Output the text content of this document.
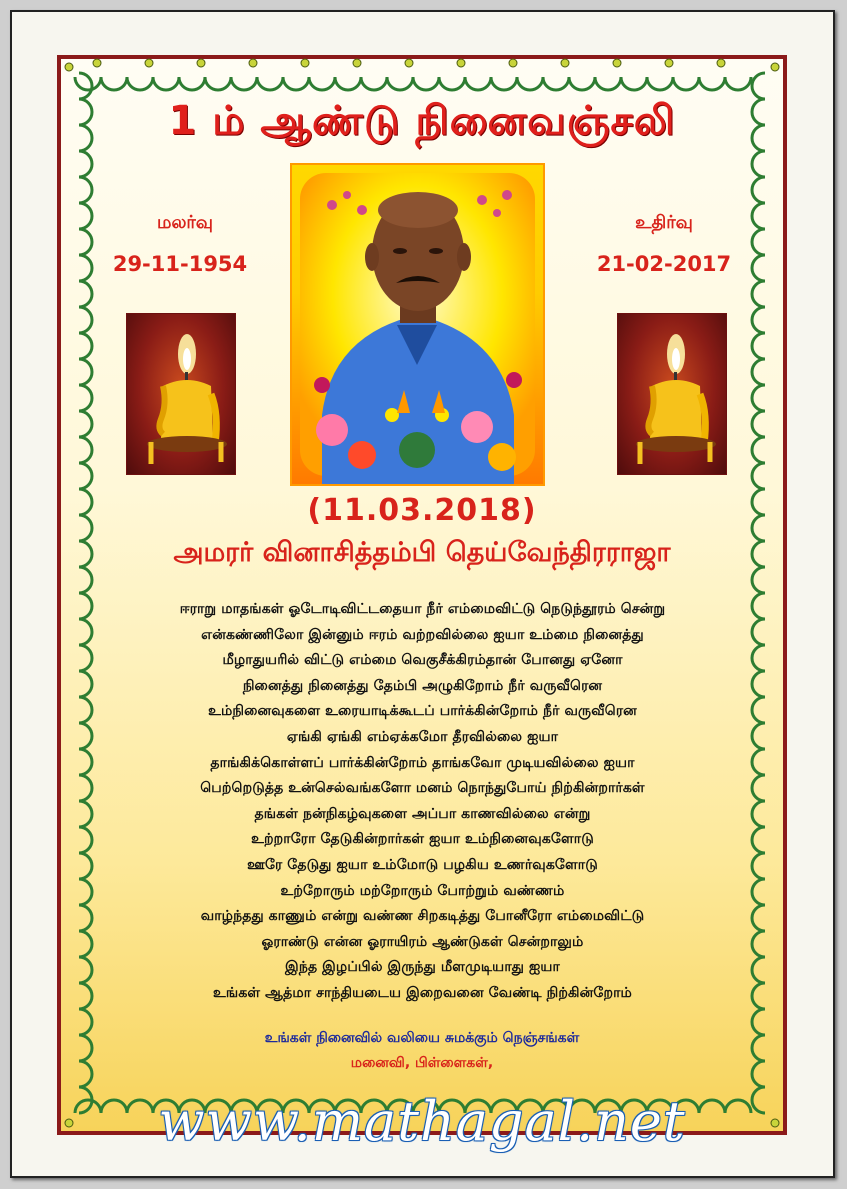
1 ம் ஆண்டு நினைவஞ்சலி
மலர்வு
29-11-1954
உதிர்வு
21-02-2017
(11.03.2018)
அமரர் வினாசித்தம்பி தெய்வேந்திரராஜா
ஈராறு மாதங்கள் ஓடோடிவிட்டதையா நீர் எம்மைவிட்டு நெடுந்தூரம் சென்று
என்கண்ணிலோ இன்னும் ஈரம் வற்றவில்லை ஐயா உம்மை நினைத்து
மீழாதுயரில் விட்டு எம்மை வெகுசீக்கிரம்தான் போனது ஏனோ
நினைத்து நினைத்து தேம்பி அழுகிறோம் நீர் வருவீரென
உம்நினைவுகளை உரையாடிக்கூடப் பார்க்கின்றோம் நீர் வருவீரென
ஏங்கி ஏங்கி எம்ஏக்கமோ தீரவில்லை ஐயா
தாங்கிக்கொள்ளப் பார்க்கின்றோம் தாங்கவோ முடியவில்லை ஐயா
பெற்றெடுத்த உன்செல்வங்களோ மனம் நொந்துபோய் நிற்கின்றார்கள்
தங்கள் நன்நிகழ்வுகளை அப்பா காணவில்லை என்று
உற்றாரோ தேடுகின்றார்கள் ஐயா உம்நினைவுகளோடு
ஊரே தேடுது ஐயா உம்மோடு பழகிய உணர்வுகளோடு
உற்றோரும் மற்றோரும் போற்றும் வண்ணம்
வாழ்ந்தது காணும் என்று வண்ண சிறகடித்து போனீரோ எம்மைவிட்டு
ஓராண்டு என்ன ஓராயிரம் ஆண்டுகள் சென்றாலும்
இந்த இழப்பில் இருந்து மீளமுடியாது ஐயா
உங்கள் ஆத்மா சாந்தியடைய இறைவனை வேண்டி நிற்கின்றோம்
உங்கள் நினைவில் வலியை சுமக்கும் நெஞ்சங்கள்
மனைவி, பிள்ளைகள்,
www.mathagal.net
